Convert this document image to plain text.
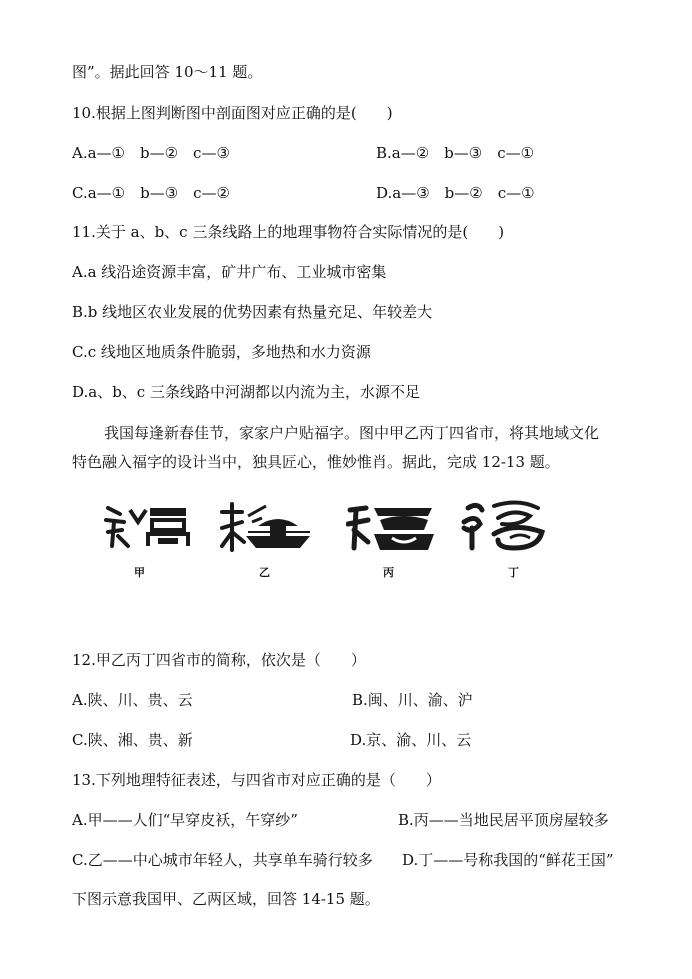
图”。据此回答 10～11 题。
10.根据上图判断图中剖面图对应正确的是(　　)
A.a—①　b—②　c—③	B.a—②　b—③　c—①
C.a—①　b—③　c—②	D.a—③　b—②　c—①
11.关于 a、b、c 三条线路上的地理事物符合实际情况的是(　　)
A.a 线沿途资源丰富，矿井广布、工业城市密集
B.b 线地区农业发展的优势因素有热量充足、年较差大
C.c 线地区地质条件脆弱，多地热和水力资源
D.a、b、c 三条线路中河湖都以内流为主，水源不足
我国每逢新春佳节，家家户户贴福字。图中甲乙丙丁四省市，将其地域文化
特色融入福字的设计当中，独具匠心，惟妙惟肖。据此，完成 12-13 题。
甲	乙	丙	丁
12.甲乙丙丁四省市的简称，依次是（　　）
A.陕、川、贵、云	B.闽、川、渝、沪
C.陕、湘、贵、新	D.京、渝、川、云
13.下列地理特征表述，与四省市对应正确的是（　　）
A.甲——人们“早穿皮袄，午穿纱”	B.丙——当地民居平顶房屋较多
C.乙——中心城市年轻人，共享单车骑行较多 D.丁——号称我国的“鲜花王国”
下图示意我国甲、乙两区域，回答 14-15 题。
